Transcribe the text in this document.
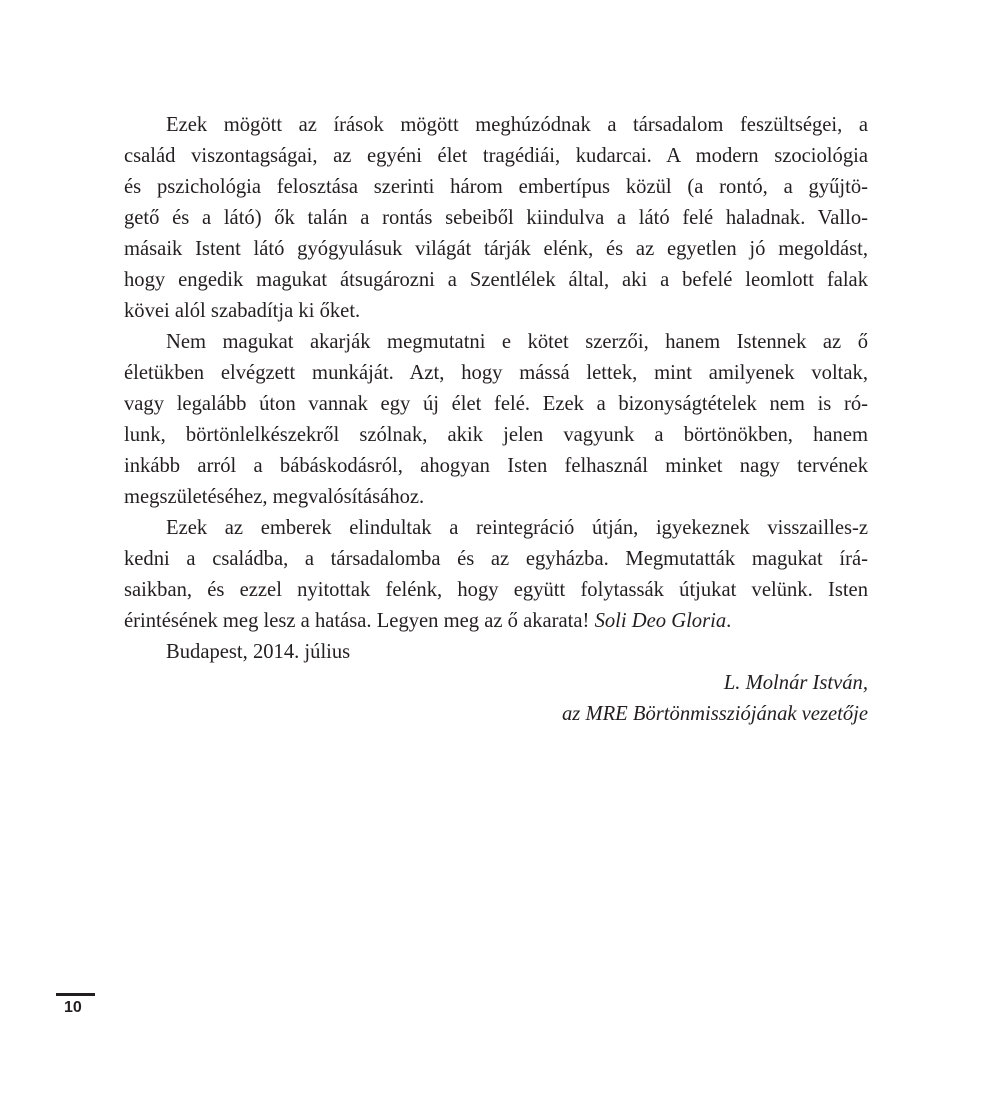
Ezek mögött az írások mögött meghúzódnak a társadalom feszültségei, a
család viszontagságai, az egyéni élet tragédiái, kudarcai. A modern szociológia
és pszichológia felosztása szerinti három embertípus közül (a rontó, a gyűjtö-
gető és a látó) ők talán a rontás sebeiből kiindulva a látó felé haladnak. Vallo-
másaik Istent látó gyógyulásuk világát tárják elénk, és az egyetlen jó megoldást,
hogy engedik magukat átsugározni a Szentlélek által, aki a befelé leomlott falak
kövei alól szabadítja ki őket.
Nem magukat akarják megmutatni e kötet szerzői, hanem Istennek az ő
életükben elvégzett munkáját. Azt, hogy mássá lettek, mint amilyenek voltak,
vagy legalább úton vannak egy új élet felé. Ezek a bizonyságtételek nem is ró-
lunk, börtönlelkészekről szólnak, akik jelen vagyunk a börtönökben, hanem
inkább arról a bábáskodásról, ahogyan Isten felhasznál minket nagy tervének
megszületéséhez, megvalósításához.
Ezek az emberek elindultak a reintegráció útján, igyekeznek visszailles-z
kedni a családba, a társadalomba és az egyházba. Megmutatták magukat írá-
saikban, és ezzel nyitottak felénk, hogy együtt folytassák útjukat velünk. Isten
érintésének meg lesz a hatása. Legyen meg az ő akarata! Soli Deo Gloria.
Budapest, 2014. július
L. Molnár István,
az MRE Börtönmissziójának vezetője
10
